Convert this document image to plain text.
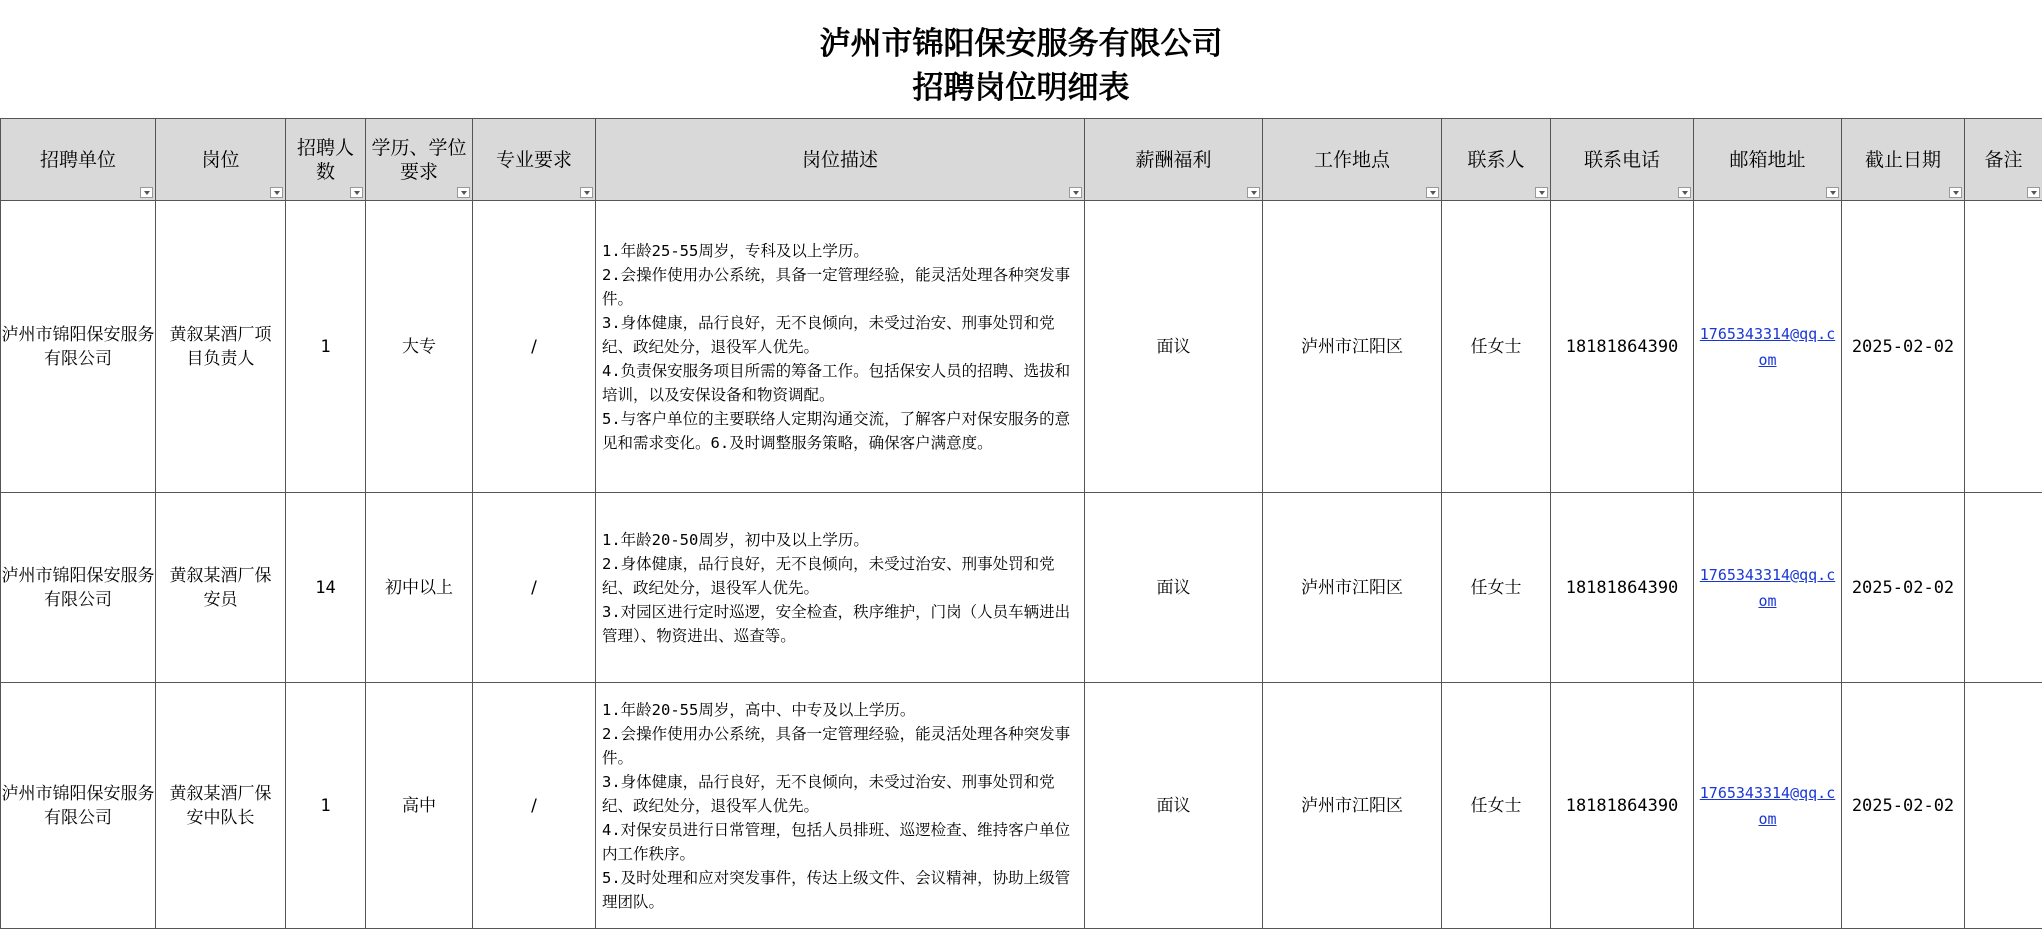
泸州市锦阳保安服务有限公司
招聘岗位明细表
招聘单位	岗位	招聘人数	学历、学位要求	专业要求	岗位描述	薪酬福利	工作地点	联系人	联系电话	邮箱地址	截止日期	备注

泸州市锦阳保安服务有限公司	黄叙某酒厂项目负责人	1	大专	/	1.年龄25-55周岁，专科及以上学历。
2.会操作使用办公系统，具备一定管理经验，能灵活处理各种突发事件。
3.身体健康，品行良好，无不良倾向，未受过治安、刑事处罚和党纪、政纪处分，退役军人优先。
4.负责保安服务项目所需的筹备工作。包括保安人员的招聘、选拔和培训，以及安保设备和物资调配。
5.与客户单位的主要联络人定期沟通交流，了解客户对保安服务的意见和需求变化。6.及时调整服务策略，确保客户满意度。	面议	泸州市江阳区	任女士	18181864390	1765343314@qq.com	2025-02-02	
泸州市锦阳保安服务有限公司	黄叙某酒厂保安员	14	初中以上	/	1.年龄20-50周岁，初中及以上学历。
2.身体健康，品行良好，无不良倾向，未受过治安、刑事处罚和党纪、政纪处分，退役军人优先。
3.对园区进行定时巡逻，安全检查，秩序维护，门岗（人员车辆进出管理）、物资进出、巡查等。	面议	泸州市江阳区	任女士	18181864390	1765343314@qq.com	2025-02-02	
泸州市锦阳保安服务有限公司	黄叙某酒厂保安中队长	1	高中	/	1.年龄20-55周岁，高中、中专及以上学历。
2.会操作使用办公系统，具备一定管理经验，能灵活处理各种突发事件。
3.身体健康，品行良好，无不良倾向，未受过治安、刑事处罚和党纪、政纪处分，退役军人优先。
4.对保安员进行日常管理，包括人员排班、巡逻检查、维持客户单位内工作秩序。
5.及时处理和应对突发事件，传达上级文件、会议精神，协助上级管理团队。	面议	泸州市江阳区	任女士	18181864390	1765343314@qq.com	2025-02-02	
